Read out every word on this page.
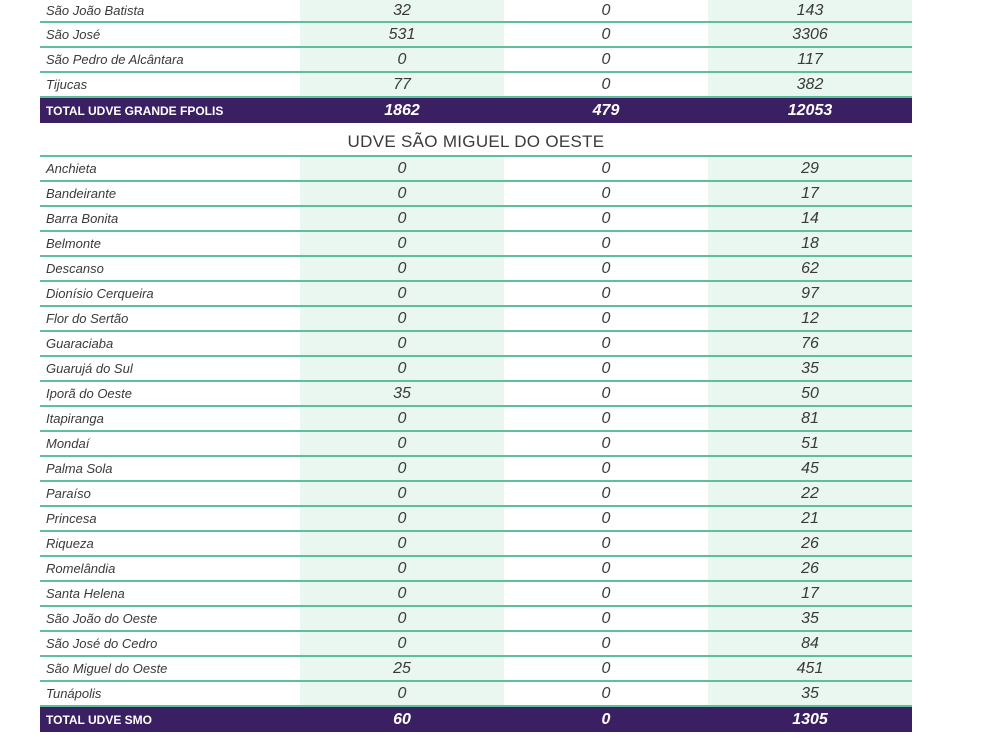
São João Batista	32	0	143
São José	531	0	3306
São Pedro de Alcântara	0	0	117
Tijucas	77	0	382
TOTAL UDVE GRANDE FPOLIS	1862	479	12053
UDVE SÃO MIGUEL DO OESTE
Anchieta	0	0	29
Bandeirante	0	0	17
Barra Bonita	0	0	14
Belmonte	0	0	18
Descanso	0	0	62
Dionísio Cerqueira	0	0	97
Flor do Sertão	0	0	12
Guaraciaba	0	0	76
Guarujá do Sul	0	0	35
Iporã do Oeste	35	0	50
Itapiranga	0	0	81
Mondaí	0	0	51
Palma Sola	0	0	45
Paraíso	0	0	22
Princesa	0	0	21
Riqueza	0	0	26
Romelândia	0	0	26
Santa Helena	0	0	17
São João do Oeste	0	0	35
São José do Cedro	0	0	84
São Miguel do Oeste	25	0	451
Tunápolis	0	0	35
TOTAL UDVE SMO	60	0	1305
